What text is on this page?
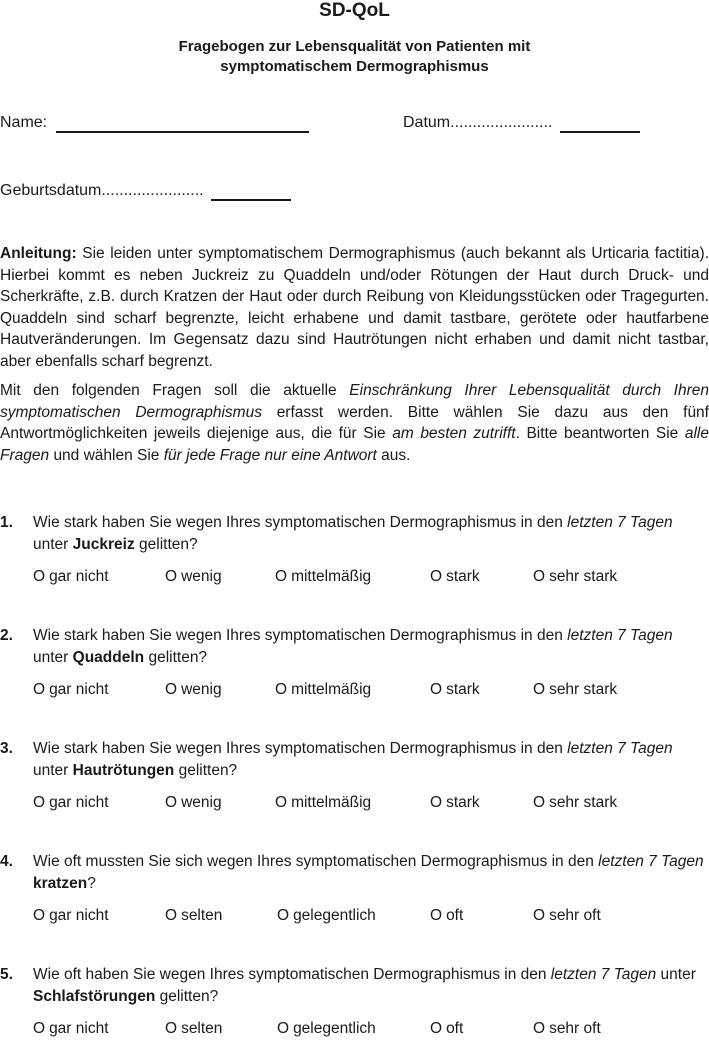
SD-QoL
Fragebogen zur Lebensqualität von Patienten mit
symptomatischem Dermographismus
Name:	Datum.......................
Geburtsdatum.......................

Anleitung: Sie leiden unter symptomatischem Dermographismus (auch bekannt als Urticaria factitia). Hierbei kommt es neben Juckreiz zu Quaddeln und/oder Rötungen der Haut durch Druck- und Scherkräfte, z.B. durch Kratzen der Haut oder durch Reibung von Kleidungsstücken oder Tragegurten. Quaddeln sind scharf begrenzte, leicht erhabene und damit tastbare, gerötete oder hautfarbene Hautveränderungen. Im Gegensatz dazu sind Hautrötungen nicht erhaben und damit nicht tastbar, aber ebenfalls scharf begrenzt.

Mit den folgenden Fragen soll die aktuelle Einschränkung Ihrer Lebensqualität durch Ihren symptomatischen Dermographismus erfasst werden. Bitte wählen Sie dazu aus den fünf Antwortmöglichkeiten jeweils diejenige aus, die für Sie am besten zutrifft. Bitte beantworten Sie alle Fragen und wählen Sie für jede Frage nur eine Antwort aus.

1. Wie stark haben Sie wegen Ihres symptomatischen Dermographismus in den letzten 7 Tagen unter Juckreiz gelitten?
O gar nicht	O wenig	O mittelmäßig	O stark	O sehr stark
2. Wie stark haben Sie wegen Ihres symptomatischen Dermographismus in den letzten 7 Tagen unter Quaddeln gelitten?
O gar nicht	O wenig	O mittelmäßig	O stark	O sehr stark
3. Wie stark haben Sie wegen Ihres symptomatischen Dermographismus in den letzten 7 Tagen unter Hautrötungen gelitten?
O gar nicht	O wenig	O mittelmäßig	O stark	O sehr stark
4. Wie oft mussten Sie sich wegen Ihres symptomatischen Dermographismus in den letzten 7 Tagen kratzen?
O gar nicht	O selten	O gelegentlich	O oft	O sehr oft
5. Wie oft haben Sie wegen Ihres symptomatischen Dermographismus in den letzten 7 Tagen unter Schlafstörungen gelitten?
O gar nicht	O selten	O gelegentlich	O oft	O sehr oft
